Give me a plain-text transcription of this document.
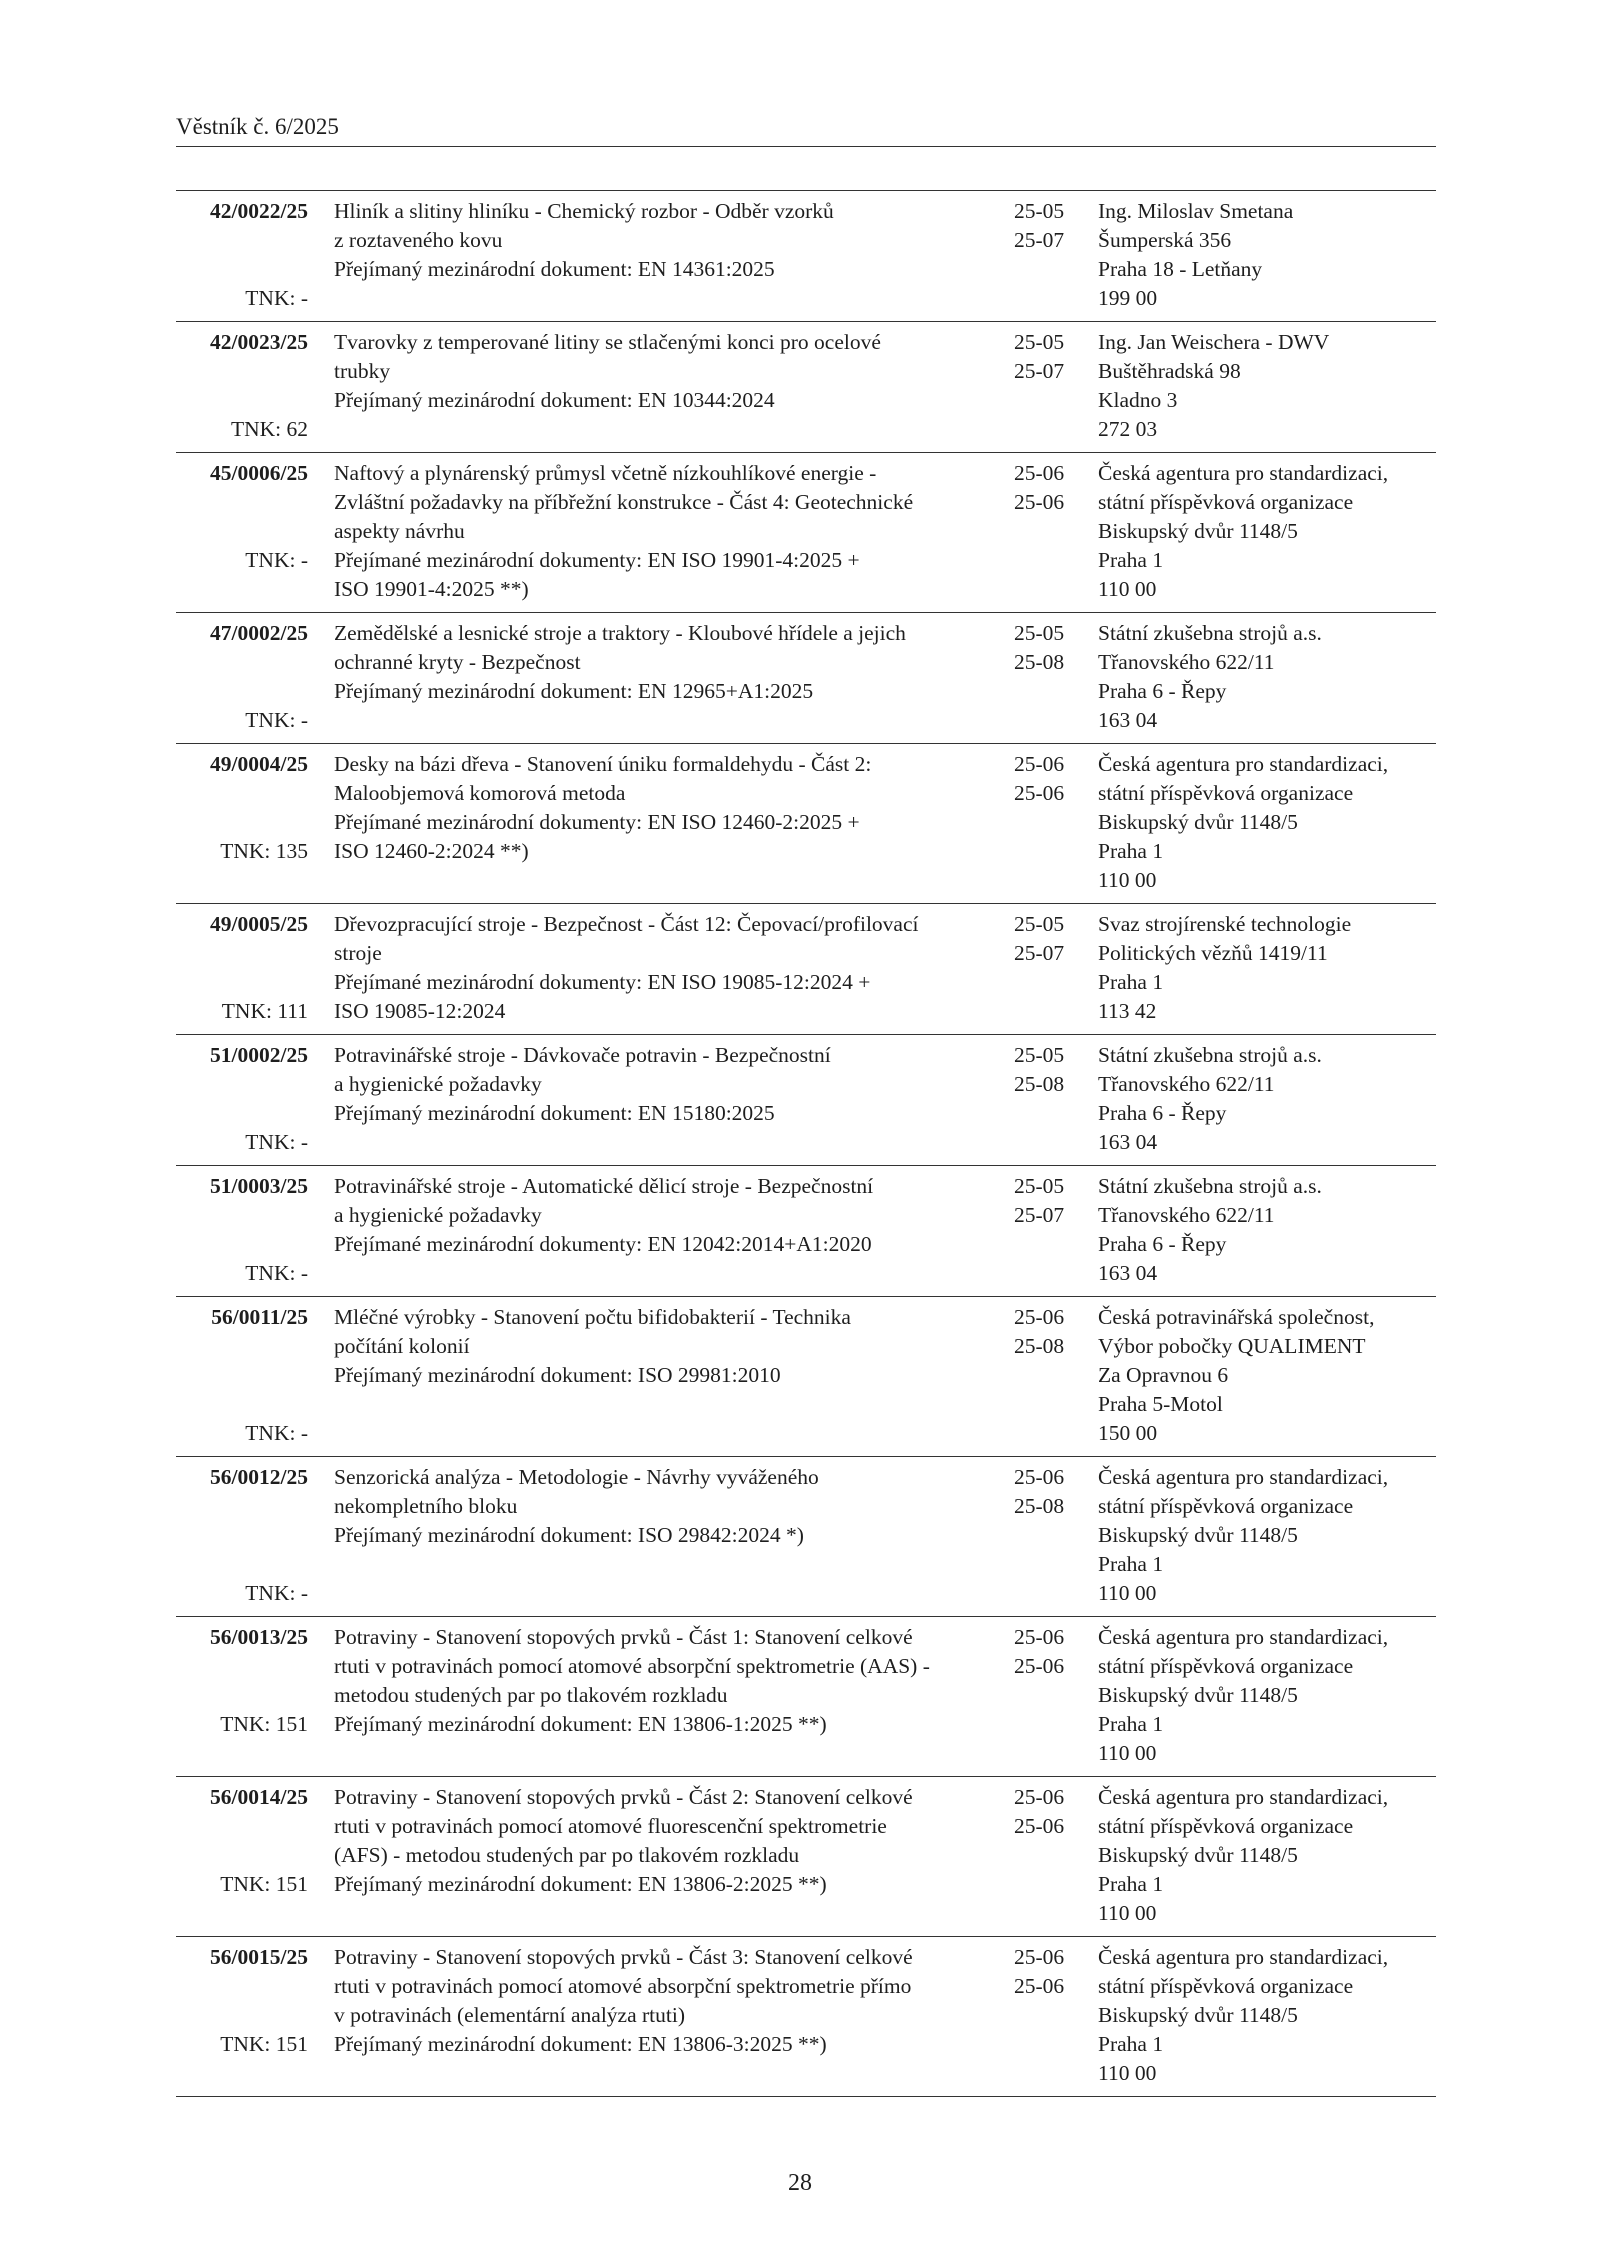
Věstník č. 6/2025
42/0022/25
TNK: -
Hliník a slitiny hliníku - Chemický rozbor - Odběr vzorků
z roztaveného kovu
Přejímaný mezinárodní dokument: EN 14361:2025
25-05
25-07
Ing. Miloslav Smetana
Šumperská 356
Praha 18 - Letňany
199 00
42/0023/25
TNK: 62
Tvarovky z temperované litiny se stlačenými konci pro ocelové
trubky
Přejímaný mezinárodní dokument: EN 10344:2024
25-05
25-07
Ing. Jan Weischera - DWV
Buštěhradská 98
Kladno 3
272 03
45/0006/25
TNK: -
Naftový a plynárenský průmysl včetně nízkouhlíkové energie -
Zvláštní požadavky na příbřežní konstrukce - Část 4: Geotechnické
aspekty návrhu
Přejímané mezinárodní dokumenty: EN ISO 19901-4:2025 +
ISO 19901-4:2025 **)
25-06
25-06
Česká agentura pro standardizaci,
státní příspěvková organizace
Biskupský dvůr 1148/5
Praha 1
110 00
47/0002/25
TNK: -
Zemědělské a lesnické stroje a traktory - Kloubové hřídele a jejich
ochranné kryty - Bezpečnost
Přejímaný mezinárodní dokument: EN 12965+A1:2025
25-05
25-08
Státní zkušebna strojů a.s.
Třanovského 622/11
Praha 6 - Řepy
163 04
49/0004/25
TNK: 135
Desky na bázi dřeva - Stanovení úniku formaldehydu - Část 2:
Maloobjemová komorová metoda
Přejímané mezinárodní dokumenty: EN ISO 12460-2:2025 +
ISO 12460-2:2024 **)
25-06
25-06
Česká agentura pro standardizaci,
státní příspěvková organizace
Biskupský dvůr 1148/5
Praha 1
110 00
49/0005/25
TNK: 111
Dřevozpracující stroje - Bezpečnost - Část 12: Čepovací/profilovací
stroje
Přejímané mezinárodní dokumenty: EN ISO 19085-12:2024 +
ISO 19085-12:2024
25-05
25-07
Svaz strojírenské technologie
Politických vězňů 1419/11
Praha 1
113 42
51/0002/25
TNK: -
Potravinářské stroje - Dávkovače potravin - Bezpečnostní
a hygienické požadavky
Přejímaný mezinárodní dokument: EN 15180:2025
25-05
25-08
Státní zkušebna strojů a.s.
Třanovského 622/11
Praha 6 - Řepy
163 04
51/0003/25
TNK: -
Potravinářské stroje - Automatické dělicí stroje - Bezpečnostní
a hygienické požadavky
Přejímané mezinárodní dokumenty: EN 12042:2014+A1:2020
25-05
25-07
Státní zkušebna strojů a.s.
Třanovského 622/11
Praha 6 - Řepy
163 04
56/0011/25
TNK: -
Mléčné výrobky - Stanovení počtu bifidobakterií - Technika
počítání kolonií
Přejímaný mezinárodní dokument: ISO 29981:2010
25-06
25-08
Česká potravinářská společnost,
Výbor pobočky QUALIMENT
Za Opravnou 6
Praha 5-Motol
150 00
56/0012/25
TNK: -
Senzorická analýza - Metodologie - Návrhy vyváženého
nekompletního bloku
Přejímaný mezinárodní dokument: ISO 29842:2024 *)
25-06
25-08
Česká agentura pro standardizaci,
státní příspěvková organizace
Biskupský dvůr 1148/5
Praha 1
110 00
56/0013/25
TNK: 151
Potraviny - Stanovení stopových prvků - Část 1: Stanovení celkové
rtuti v potravinách pomocí atomové absorpční spektrometrie (AAS) -
metodou studených par po tlakovém rozkladu
Přejímaný mezinárodní dokument: EN 13806-1:2025 **)
25-06
25-06
Česká agentura pro standardizaci,
státní příspěvková organizace
Biskupský dvůr 1148/5
Praha 1
110 00
56/0014/25
TNK: 151
Potraviny - Stanovení stopových prvků - Část 2: Stanovení celkové
rtuti v potravinách pomocí atomové fluorescenční spektrometrie
(AFS) - metodou studených par po tlakovém rozkladu
Přejímaný mezinárodní dokument: EN 13806-2:2025 **)
25-06
25-06
Česká agentura pro standardizaci,
státní příspěvková organizace
Biskupský dvůr 1148/5
Praha 1
110 00
56/0015/25
TNK: 151
Potraviny - Stanovení stopových prvků - Část 3: Stanovení celkové
rtuti v potravinách pomocí atomové absorpční spektrometrie přímo
v potravinách (elementární analýza rtuti)
Přejímaný mezinárodní dokument: EN 13806-3:2025 **)
25-06
25-06
Česká agentura pro standardizaci,
státní příspěvková organizace
Biskupský dvůr 1148/5
Praha 1
110 00
28
